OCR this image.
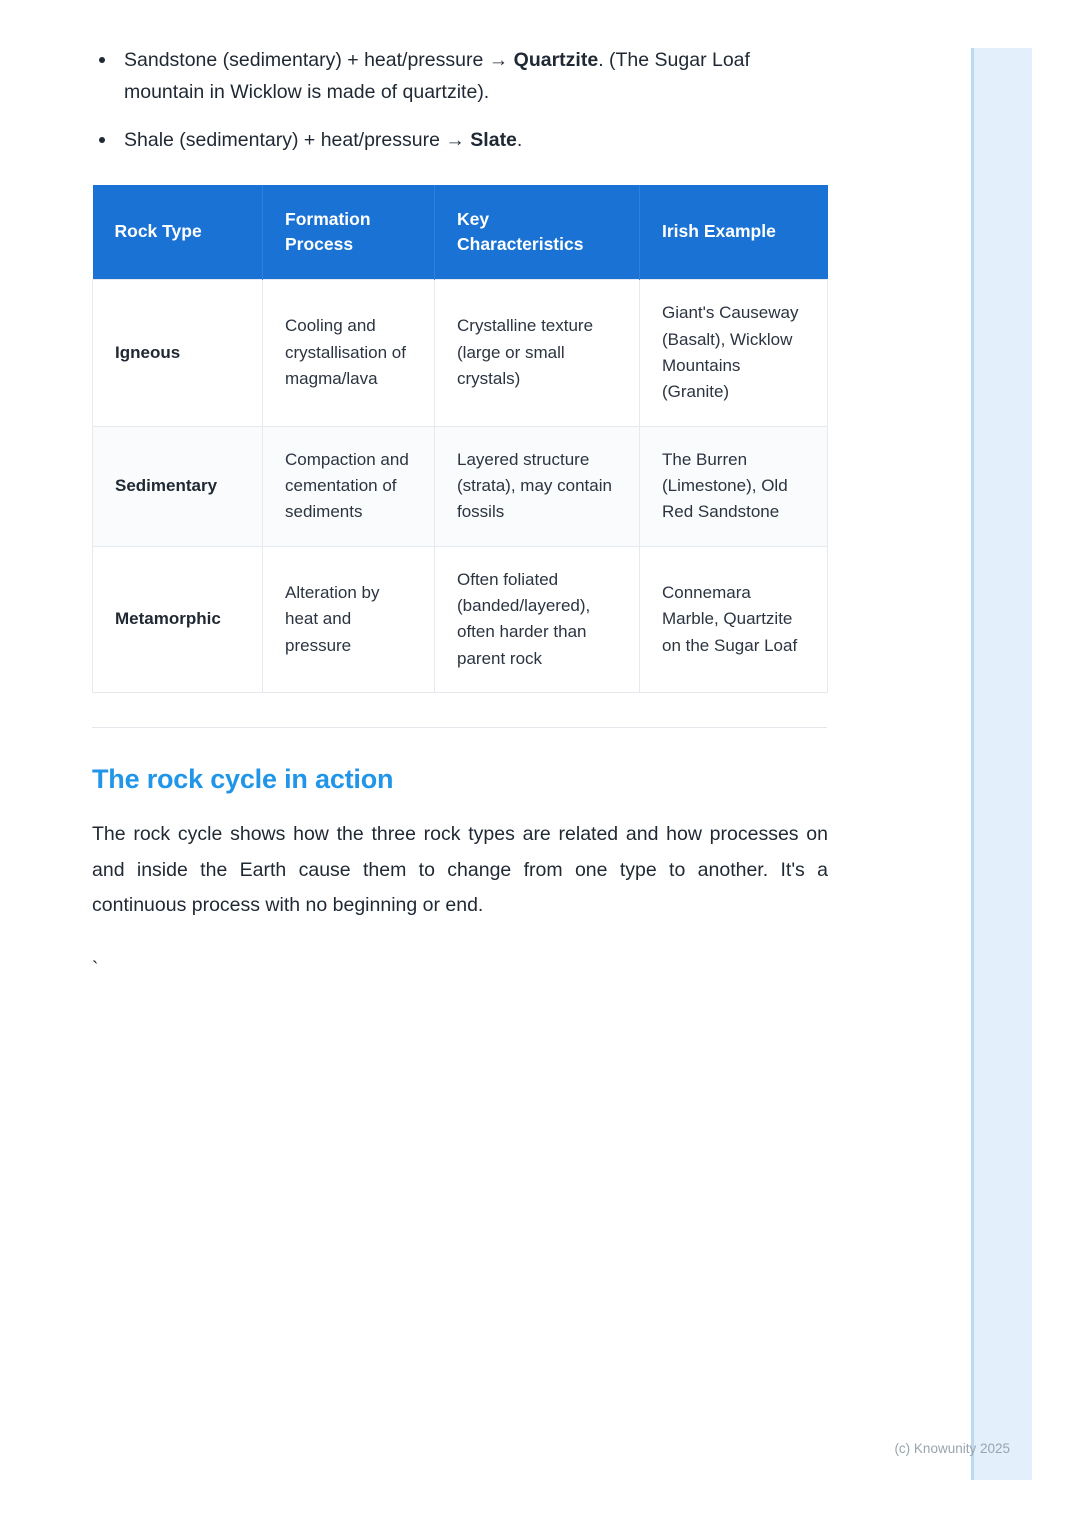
Sandstone (sedimentary) + heat/pressure → Quartzite. (The Sugar Loaf mountain in Wicklow is made of quartzite).
Shale (sedimentary) + heat/pressure → Slate.
Rock Type	Formation Process	Key Characteristics	Irish Example
Igneous	Cooling and crystallisation of magma/lava	Crystalline texture (large or small crystals)	Giant's Causeway (Basalt), Wicklow Mountains (Granite)
Sedimentary	Compaction and cementation of sediments	Layered structure (strata), may contain fossils	The Burren (Limestone), Old Red Sandstone
Metamorphic	Alteration by heat and pressure	Often foliated (banded/layered), often harder than parent rock	Connemara Marble, Quartzite on the Sugar Loaf
The rock cycle in action

The rock cycle shows how the three rock types are related and how processes on and inside the Earth cause them to change from one type to another. It's a continuous process with no beginning or end.

`
(c) Knowunity 2025
